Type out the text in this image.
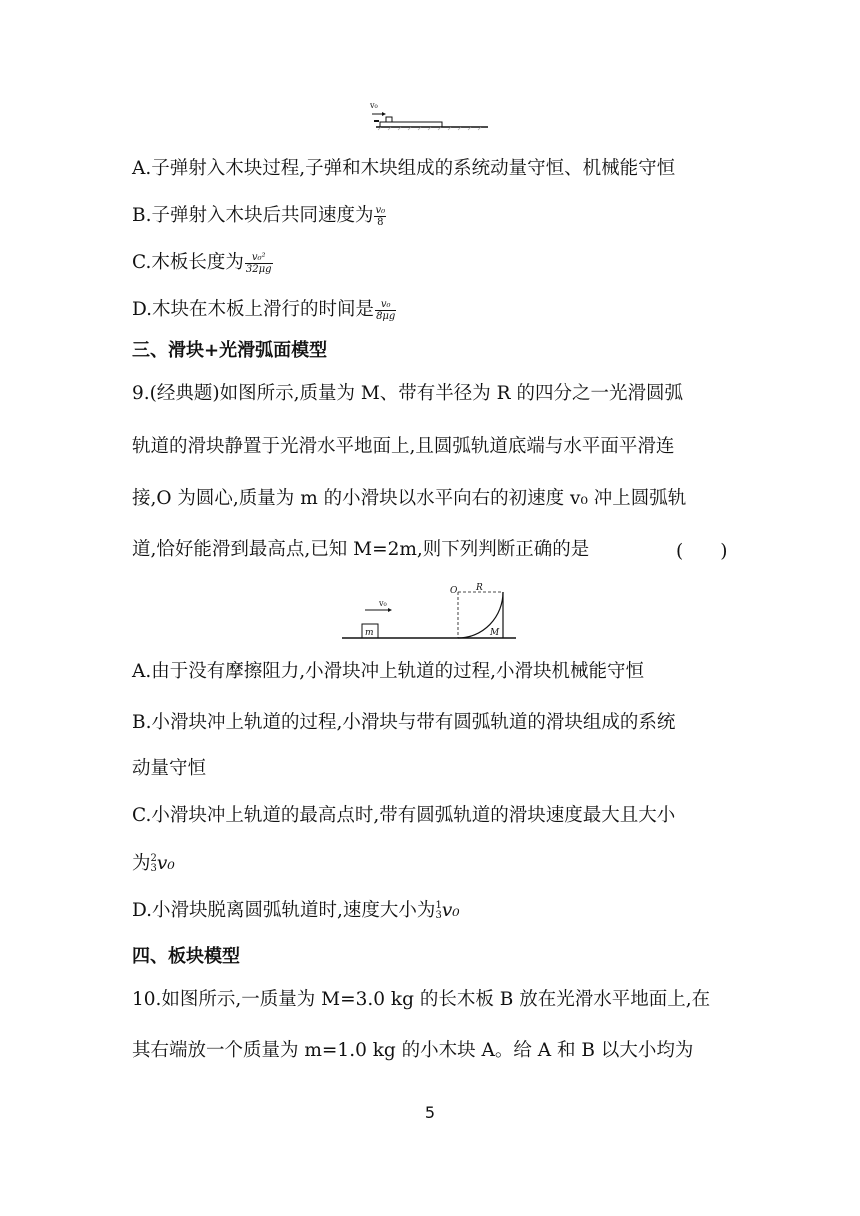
v₀
A.子弹射入木块过程,子弹和木块组成的系统动量守恒、机械能守恒
B.子弹射入木块后共同速度为 $\frac{\text{v₀}}{8}$
C.木板长度为 $\frac{\text{v₀²}}{32\mu g}$
D.木块在木板上滑行的时间是 $\frac{\text{v₀}}{8\mu g}$
三、滑块+光滑弧面模型
9.(经典题)如图所示,质量为 M、带有半径为 R 的四分之一光滑圆弧
轨道的滑块静置于光滑水平地面上,且圆弧轨道底端与水平面平滑连
接,O 为圆心,质量为 m 的小滑块以水平向右的初速度 v₀ 冲上圆弧轨
道,恰好能滑到最高点,已知 M=2m,则下列判断正确的是	(　　)
v₀
m
O R
M
A.由于没有摩擦阻力,小滑块冲上轨道的过程,小滑块机械能守恒
B.小滑块冲上轨道的过程,小滑块与带有圆弧轨道的滑块组成的系统
动量守恒
C.小滑块冲上轨道的最高点时,带有圆弧轨道的滑块速度最大且大小
为 2
3 v₀
D.小滑块脱离圆弧轨道时,速度大小为 1
3 v₀
四、板块模型
10.如图所示,一质量为 M=3.0 kg 的长木板 B 放在光滑水平地面上,在
其右端放一个质量为 m=1.0 kg 的小木块 A。给 A 和 B 以大小均为
5
